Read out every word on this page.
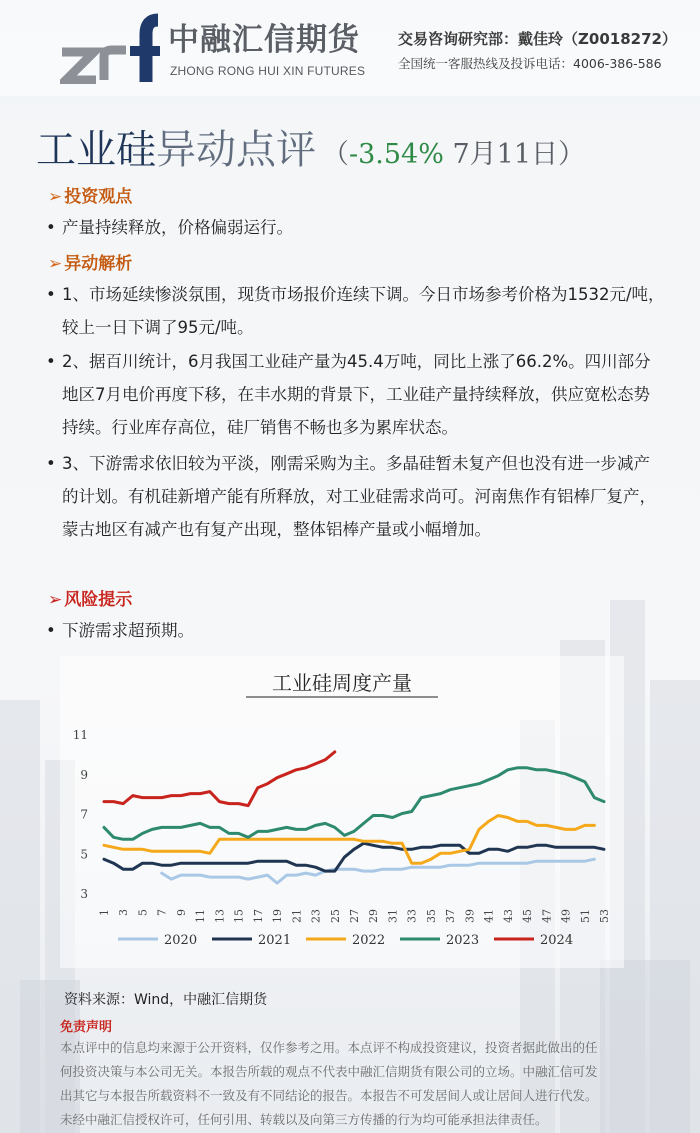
中融汇信期货
ZHONG RONG HUI XIN FUTURES
交易咨询研究部：戴佳玲（Z0018272）
全国统一客服热线及投诉电话：4006-386-586
工业硅异动点评 （-3.54% 7月11日）
➢ 投资观点
• 产量持续释放，价格偏弱运行。
➢ 异动解析
• 1、市场延续惨淡氛围，现货市场报价连续下调。今日市场参考价格为1532元/吨，较上一日下调了95元/吨。
• 2、据百川统计，6月我国工业硅产量为45.4万吨，同比上涨了66.2%。四川部分地区7月电价再度下移，在丰水期的背景下，工业硅产量持续释放，供应宽松态势持续。行业库存高位，硅厂销售不畅也多为累库状态。
• 3、下游需求依旧较为平淡，刚需采购为主。多晶硅暂未复产但也没有进一步减产的计划。有机硅新增产能有所释放，对工业硅需求尚可。河南焦作有铝棒厂复产，蒙古地区有减产也有复产出现，整体铝棒产量或小幅增加。
➢ 风险提示
• 下游需求超预期。
工业硅周度产量
3
5
7
9
11
1 3 5 7 9 11 13 15 17 19 21 23 25 27 29 31 33 35 37 39 41 43 45 47 49 51 53
2020	2021	2022	2023	2024
资料来源：Wind，中融汇信期货
免责声明
本点评中的信息均来源于公开资料，仅作参考之用。本点评不构成投资建议，投资者据此做出的任
何投资决策与本公司无关。本报告所载的观点不代表中融汇信期货有限公司的立场。中融汇信可发
出其它与本报告所载资料不一致及有不同结论的报告。本报告不可发居间人或让居间人进行代发。
未经中融汇信授权许可，任何引用、转载以及向第三方传播的行为均可能承担法律责任。
